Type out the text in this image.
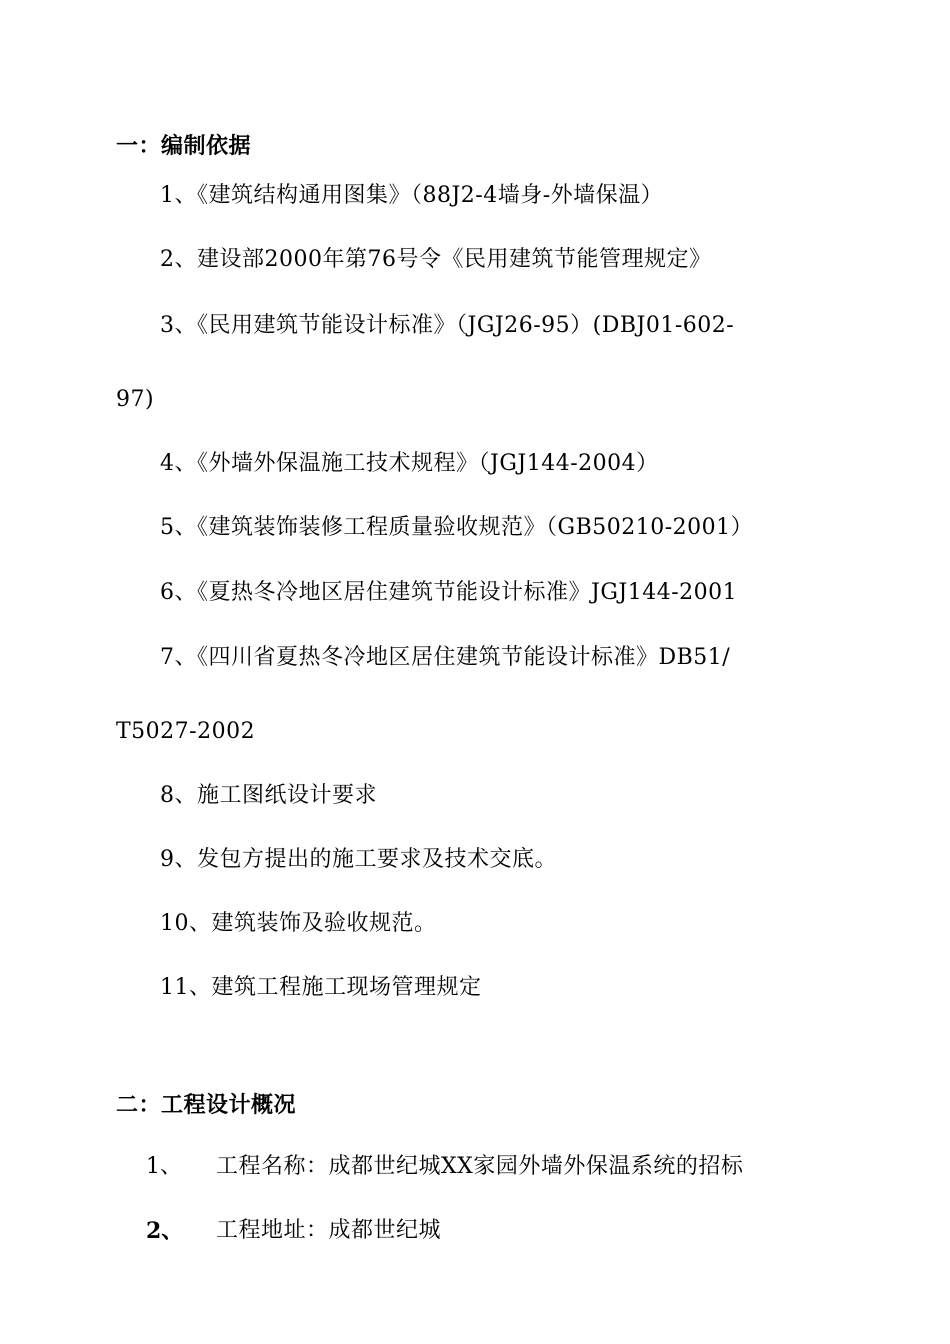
一：编制依据
1、《建筑结构通用图集》（88J2-4墙身-外墙保温）
2、建设部2000年第76号令《民用建筑节能管理规定》
3、《民用建筑节能设计标准》（JGJ26-95）(DBJ01-602-
97)
4、《外墙外保温施工技术规程》（JGJ144-2004）
5、《建筑装饰装修工程质量验收规范》（GB50210-2001）
6、《夏热冬冷地区居住建筑节能设计标准》JGJ144-2001
7、《四川省夏热冬冷地区居住建筑节能设计标准》DB51/
T5027-2002
8、施工图纸设计要求
9、发包方提出的施工要求及技术交底。
10、建筑装饰及验收规范。
11、建筑工程施工现场管理规定
二：工程设计概况
1、 工程名称：成都世纪城XX家园外墙外保温系统的招标
2、 工程地址：成都世纪城
